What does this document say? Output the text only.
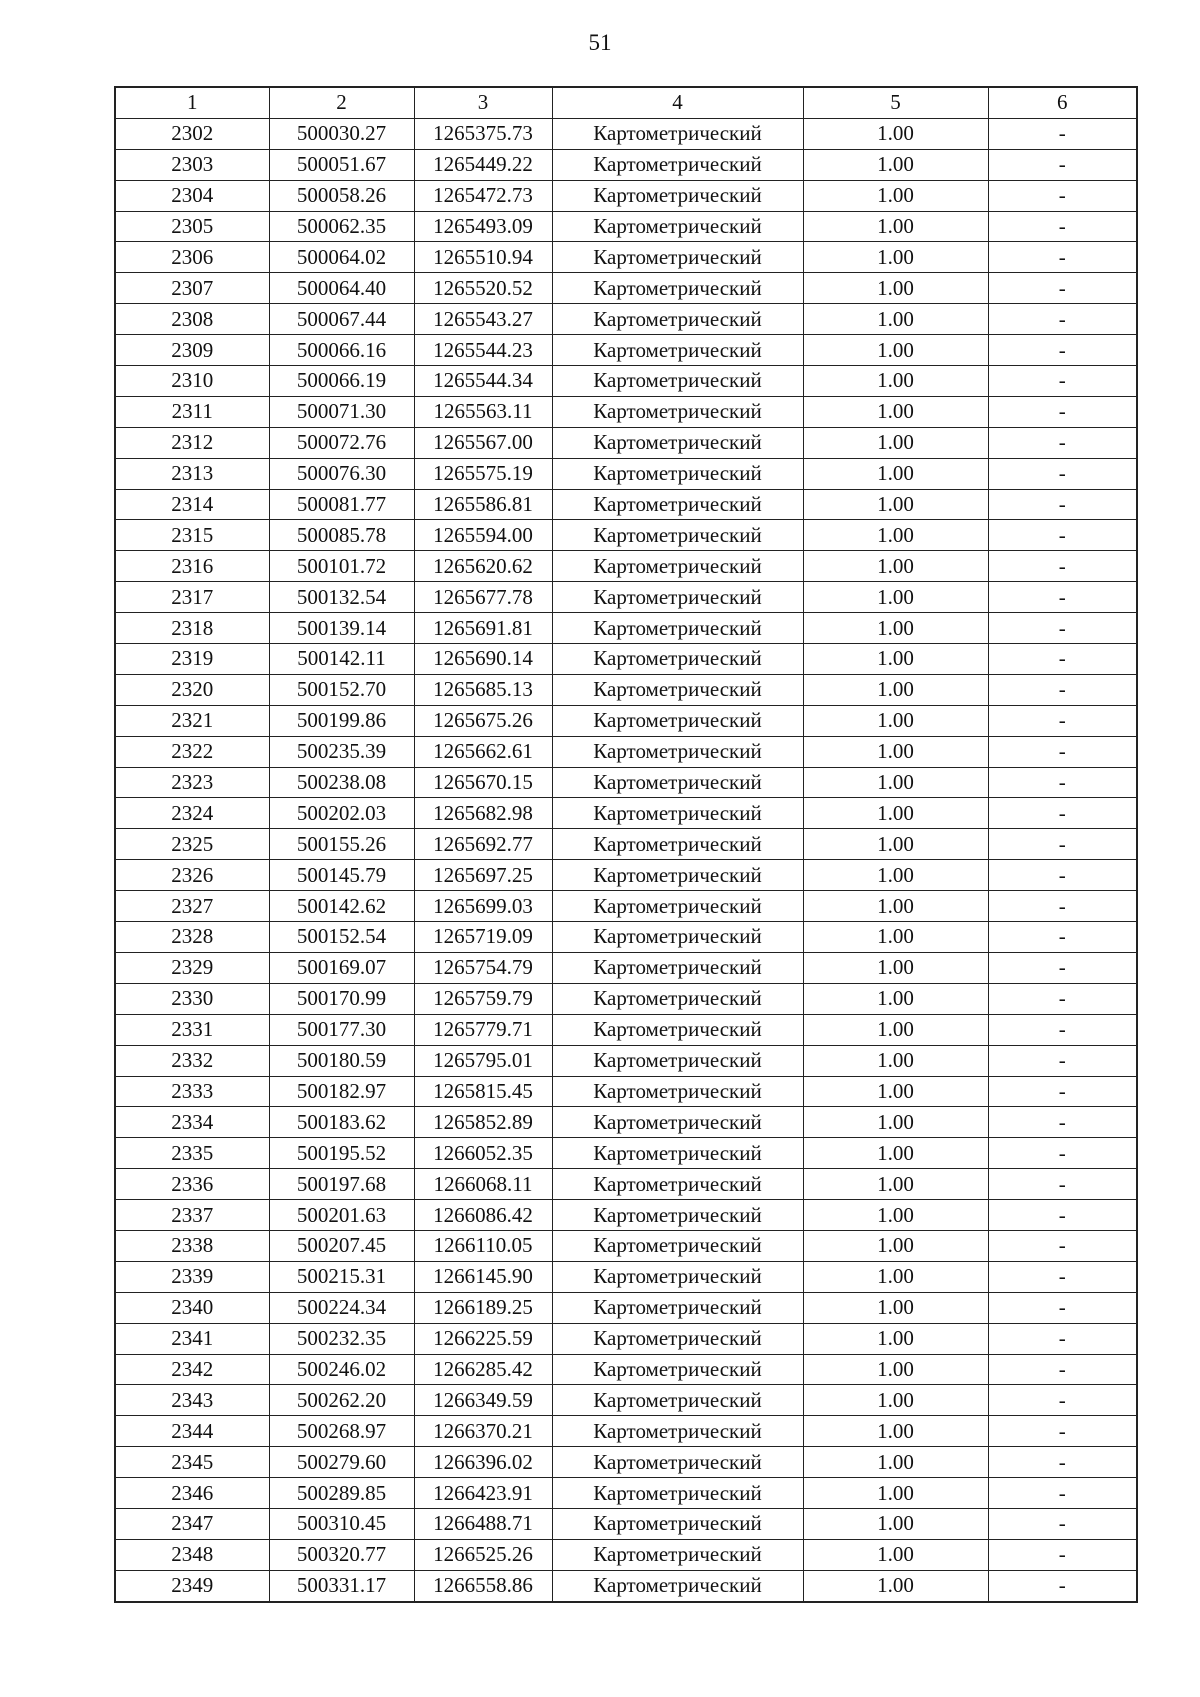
51
1	2	3	4	5	6
2302	500030.27	1265375.73	Картометрический	1.00	-
2303	500051.67	1265449.22	Картометрический	1.00	-
2304	500058.26	1265472.73	Картометрический	1.00	-
2305	500062.35	1265493.09	Картометрический	1.00	-
2306	500064.02	1265510.94	Картометрический	1.00	-
2307	500064.40	1265520.52	Картометрический	1.00	-
2308	500067.44	1265543.27	Картометрический	1.00	-
2309	500066.16	1265544.23	Картометрический	1.00	-
2310	500066.19	1265544.34	Картометрический	1.00	-
2311	500071.30	1265563.11	Картометрический	1.00	-
2312	500072.76	1265567.00	Картометрический	1.00	-
2313	500076.30	1265575.19	Картометрический	1.00	-
2314	500081.77	1265586.81	Картометрический	1.00	-
2315	500085.78	1265594.00	Картометрический	1.00	-
2316	500101.72	1265620.62	Картометрический	1.00	-
2317	500132.54	1265677.78	Картометрический	1.00	-
2318	500139.14	1265691.81	Картометрический	1.00	-
2319	500142.11	1265690.14	Картометрический	1.00	-
2320	500152.70	1265685.13	Картометрический	1.00	-
2321	500199.86	1265675.26	Картометрический	1.00	-
2322	500235.39	1265662.61	Картометрический	1.00	-
2323	500238.08	1265670.15	Картометрический	1.00	-
2324	500202.03	1265682.98	Картометрический	1.00	-
2325	500155.26	1265692.77	Картометрический	1.00	-
2326	500145.79	1265697.25	Картометрический	1.00	-
2327	500142.62	1265699.03	Картометрический	1.00	-
2328	500152.54	1265719.09	Картометрический	1.00	-
2329	500169.07	1265754.79	Картометрический	1.00	-
2330	500170.99	1265759.79	Картометрический	1.00	-
2331	500177.30	1265779.71	Картометрический	1.00	-
2332	500180.59	1265795.01	Картометрический	1.00	-
2333	500182.97	1265815.45	Картометрический	1.00	-
2334	500183.62	1265852.89	Картометрический	1.00	-
2335	500195.52	1266052.35	Картометрический	1.00	-
2336	500197.68	1266068.11	Картометрический	1.00	-
2337	500201.63	1266086.42	Картометрический	1.00	-
2338	500207.45	1266110.05	Картометрический	1.00	-
2339	500215.31	1266145.90	Картометрический	1.00	-
2340	500224.34	1266189.25	Картометрический	1.00	-
2341	500232.35	1266225.59	Картометрический	1.00	-
2342	500246.02	1266285.42	Картометрический	1.00	-
2343	500262.20	1266349.59	Картометрический	1.00	-
2344	500268.97	1266370.21	Картометрический	1.00	-
2345	500279.60	1266396.02	Картометрический	1.00	-
2346	500289.85	1266423.91	Картометрический	1.00	-
2347	500310.45	1266488.71	Картометрический	1.00	-
2348	500320.77	1266525.26	Картометрический	1.00	-
2349	500331.17	1266558.86	Картометрический	1.00	-
